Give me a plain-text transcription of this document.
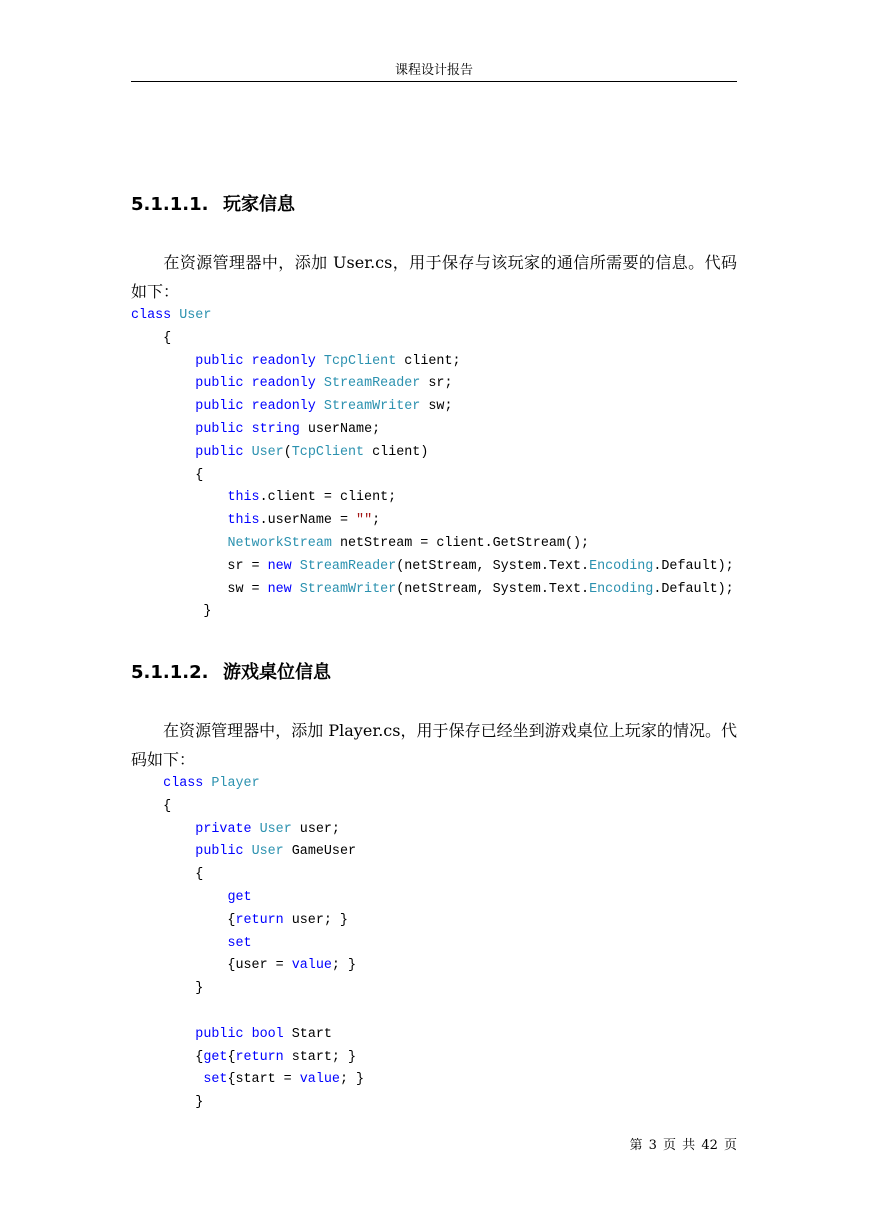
课程设计报告
5.1.1.1. 玩家信息
在资源管理器中，添加 User.cs，用于保存与该玩家的通信所需要的信息。代码如下：
class User
{
public readonly TcpClient client;
public readonly StreamReader sr;
public readonly StreamWriter sw;
public string userName;
public User(TcpClient client)
{
this.client = client;
this.userName = "";
NetworkStream netStream = client.GetStream();
sr = new StreamReader(netStream, System.Text.Encoding.Default);
sw = new StreamWriter(netStream, System.Text.Encoding.Default);
}
5.1.1.2. 游戏桌位信息
在资源管理器中，添加 Player.cs，用于保存已经坐到游戏桌位上玩家的情况。代码如下：
class Player
{
private User user;
public User GameUser
{
get
{return user; }
set
{user = value; }
}

public bool Start
{get{return start; }
set{start = value; }
}
第 3 页 共 42 页
